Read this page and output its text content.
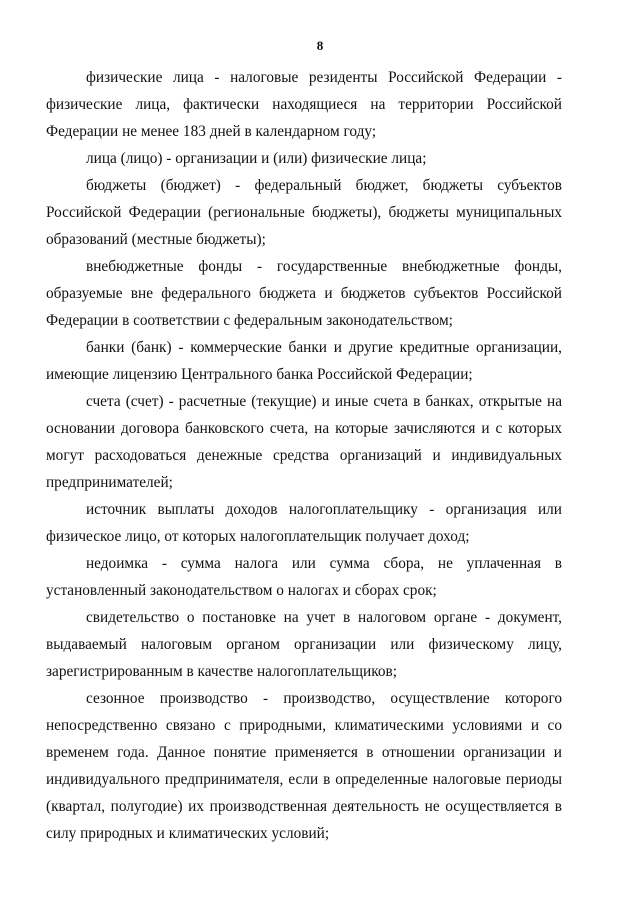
8

физические лица - налоговые резиденты Российской Федерации - физические лица, фактически находящиеся на территории Российской Федерации не менее 183 дней в календарном году;

лица (лицо) - организации и (или) физические лица;

бюджеты (бюджет) - федеральный бюджет, бюджеты субъектов Российской Федерации (региональные бюджеты), бюджеты муниципальных образований (местные бюджеты);

внебюджетные фонды - государственные внебюджетные фонды, образуемые вне федерального бюджета и бюджетов субъектов Российской Федерации в соответствии с федеральным законодательством;

банки (банк) - коммерческие банки и другие кредитные организации, имеющие лицензию Центрального банка Российской Федерации;

счета (счет) - расчетные (текущие) и иные счета в банках, открытые на основании договора банковского счета, на которые зачисляются и с которых могут расходоваться денежные средства организаций и индивидуальных предпринимателей;

источник выплаты доходов налогоплательщику - организация или физическое лицо, от которых налогоплательщик получает доход;

недоимка - сумма налога или сумма сбора, не уплаченная в установленный законодательством о налогах и сборах срок;

свидетельство о постановке на учет в налоговом органе - документ, выдаваемый налоговым органом организации или физическому лицу, зарегистрированным в качестве налогоплательщиков;

сезонное производство - производство, осуществление которого непосредственно связано с природными, климатическими условиями и со временем года. Данное понятие применяется в отношении организации и индивидуального предпринимателя, если в определенные налоговые периоды (квартал, полугодие) их производственная деятельность не осуществляется в силу природных и климатических условий;
